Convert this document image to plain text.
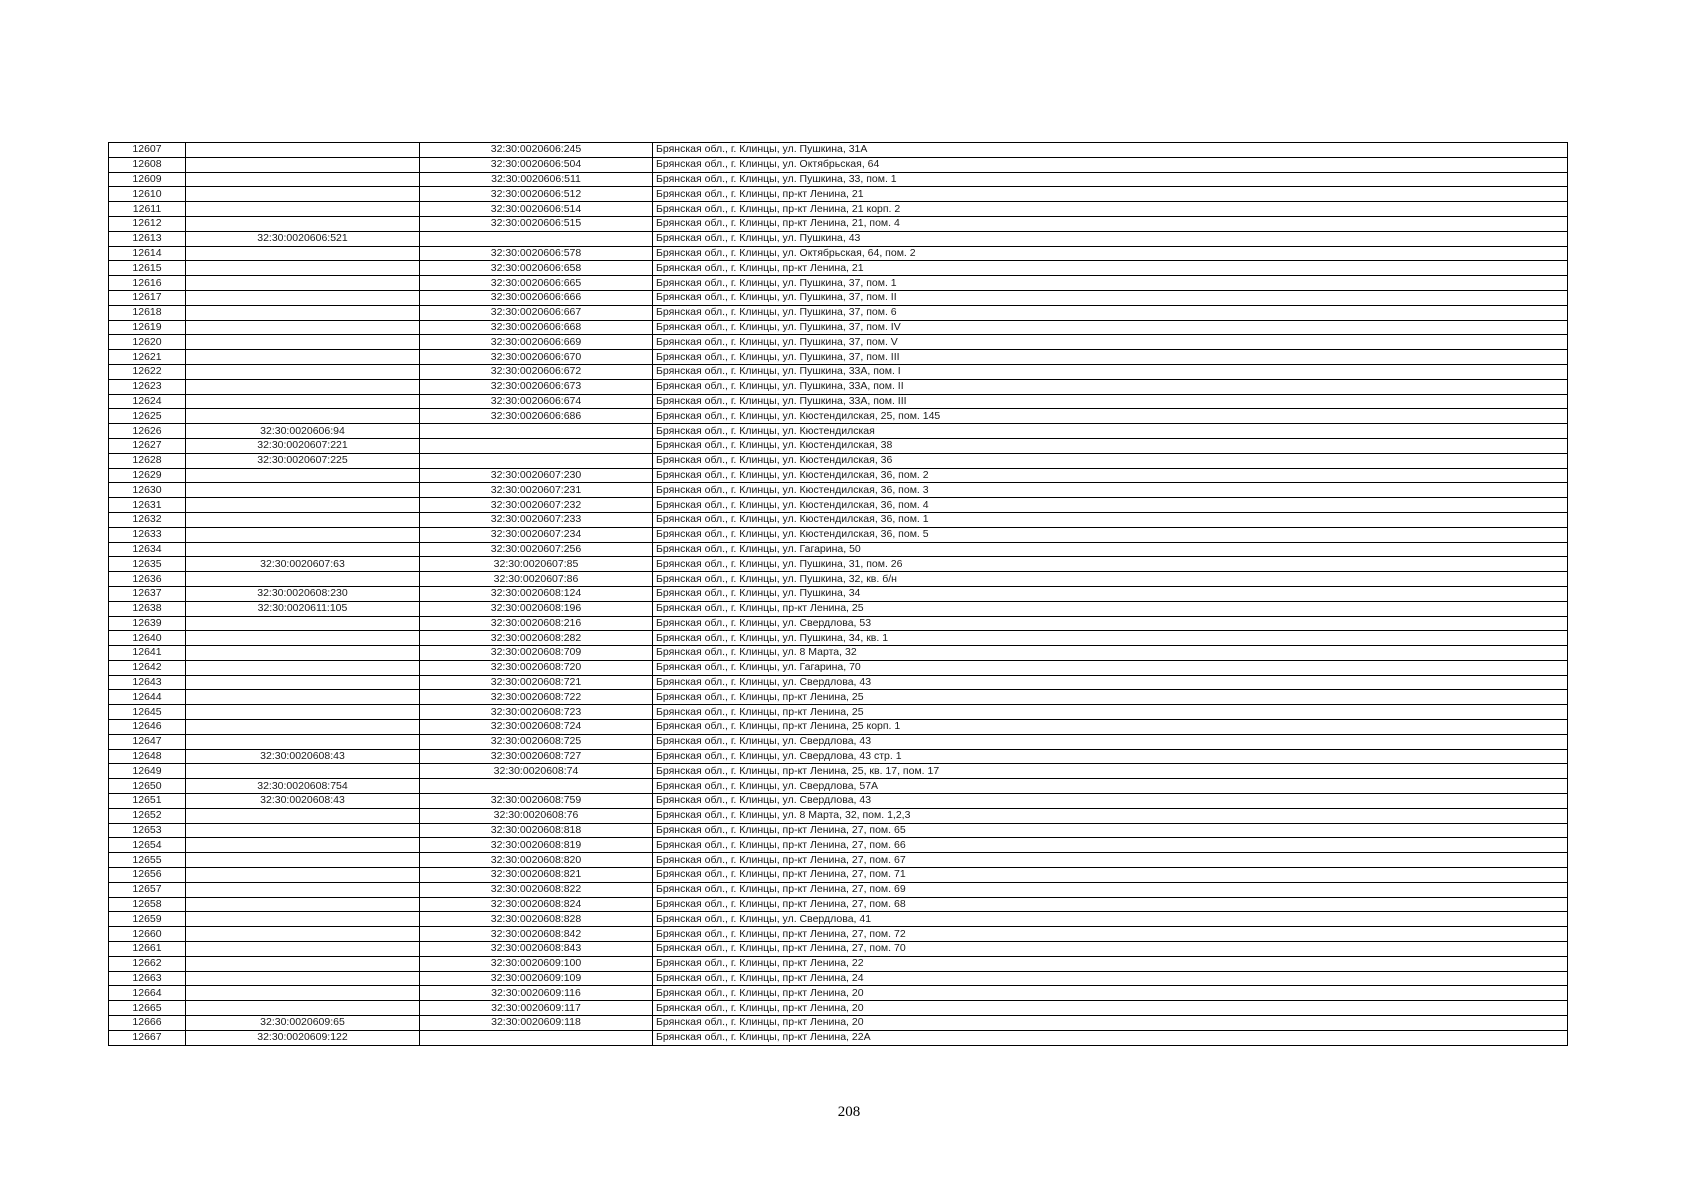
12607		32:30:0020606:245	Брянская обл., г. Клинцы, ул. Пушкина, 31А
12608		32:30:0020606:504	Брянская обл., г. Клинцы, ул. Октябрьская, 64
12609		32:30:0020606:511	Брянская обл., г. Клинцы, ул. Пушкина, 33, пом. 1
12610		32:30:0020606:512	Брянская обл., г. Клинцы, пр-кт Ленина, 21
12611		32:30:0020606:514	Брянская обл., г. Клинцы, пр-кт Ленина, 21 корп. 2
12612		32:30:0020606:515	Брянская обл., г. Клинцы, пр-кт Ленина, 21, пом. 4
12613	32:30:0020606:521		Брянская обл., г. Клинцы, ул. Пушкина, 43
12614		32:30:0020606:578	Брянская обл., г. Клинцы, ул. Октябрьская, 64, пом. 2
12615		32:30:0020606:658	Брянская обл., г. Клинцы, пр-кт Ленина, 21
12616		32:30:0020606:665	Брянская обл., г. Клинцы, ул. Пушкина, 37, пом. 1
12617		32:30:0020606:666	Брянская обл., г. Клинцы, ул. Пушкина, 37, пом. II
12618		32:30:0020606:667	Брянская обл., г. Клинцы, ул. Пушкина, 37, пом. 6
12619		32:30:0020606:668	Брянская обл., г. Клинцы, ул. Пушкина, 37, пом. IV
12620		32:30:0020606:669	Брянская обл., г. Клинцы, ул. Пушкина, 37, пом. V
12621		32:30:0020606:670	Брянская обл., г. Клинцы, ул. Пушкина, 37, пом. III
12622		32:30:0020606:672	Брянская обл., г. Клинцы, ул. Пушкина, 33А, пом. I
12623		32:30:0020606:673	Брянская обл., г. Клинцы, ул. Пушкина, 33А, пом. II
12624		32:30:0020606:674	Брянская обл., г. Клинцы, ул. Пушкина, 33А, пом. III
12625		32:30:0020606:686	Брянская обл., г. Клинцы, ул. Кюстендилская, 25, пом. 145
12626	32:30:0020606:94		Брянская обл., г. Клинцы, ул. Кюстендилская
12627	32:30:0020607:221		Брянская обл., г. Клинцы, ул. Кюстендилская, 38
12628	32:30:0020607:225		Брянская обл., г. Клинцы, ул. Кюстендилская, 36
12629		32:30:0020607:230	Брянская обл., г. Клинцы, ул. Кюстендилская, 36, пом. 2
12630		32:30:0020607:231	Брянская обл., г. Клинцы, ул. Кюстендилская, 36, пом. 3
12631		32:30:0020607:232	Брянская обл., г. Клинцы, ул. Кюстендилская, 36, пом. 4
12632		32:30:0020607:233	Брянская обл., г. Клинцы, ул. Кюстендилская, 36, пом. 1
12633		32:30:0020607:234	Брянская обл., г. Клинцы, ул. Кюстендилская, 36, пом. 5
12634		32:30:0020607:256	Брянская обл., г. Клинцы, ул. Гагарина, 50
12635	32:30:0020607:63	32:30:0020607:85	Брянская обл., г. Клинцы, ул. Пушкина, 31, пом. 26
12636		32:30:0020607:86	Брянская обл., г. Клинцы, ул. Пушкина, 32, кв. б/н
12637	32:30:0020608:230	32:30:0020608:124	Брянская обл., г. Клинцы, ул. Пушкина, 34
12638	32:30:0020611:105	32:30:0020608:196	Брянская обл., г. Клинцы, пр-кт Ленина, 25
12639		32:30:0020608:216	Брянская обл., г. Клинцы, ул. Свердлова, 53
12640		32:30:0020608:282	Брянская обл., г. Клинцы, ул. Пушкина, 34, кв. 1
12641		32:30:0020608:709	Брянская обл., г. Клинцы, ул. 8 Марта, 32
12642		32:30:0020608:720	Брянская обл., г. Клинцы, ул. Гагарина, 70
12643		32:30:0020608:721	Брянская обл., г. Клинцы, ул. Свердлова, 43
12644		32:30:0020608:722	Брянская обл., г. Клинцы, пр-кт Ленина, 25
12645		32:30:0020608:723	Брянская обл., г. Клинцы, пр-кт Ленина, 25
12646		32:30:0020608:724	Брянская обл., г. Клинцы, пр-кт Ленина, 25 корп. 1
12647		32:30:0020608:725	Брянская обл., г. Клинцы, ул. Свердлова, 43
12648	32:30:0020608:43	32:30:0020608:727	Брянская обл., г. Клинцы, ул. Свердлова, 43 стр. 1
12649		32:30:0020608:74	Брянская обл., г. Клинцы, пр-кт Ленина, 25, кв. 17, пом. 17
12650	32:30:0020608:754		Брянская обл., г. Клинцы, ул. Свердлова, 57А
12651	32:30:0020608:43	32:30:0020608:759	Брянская обл., г. Клинцы, ул. Свердлова, 43
12652		32:30:0020608:76	Брянская обл., г. Клинцы, ул. 8 Марта, 32, пом. 1,2,3
12653		32:30:0020608:818	Брянская обл., г. Клинцы, пр-кт Ленина, 27, пом. 65
12654		32:30:0020608:819	Брянская обл., г. Клинцы, пр-кт Ленина, 27, пом. 66
12655		32:30:0020608:820	Брянская обл., г. Клинцы, пр-кт Ленина, 27, пом. 67
12656		32:30:0020608:821	Брянская обл., г. Клинцы, пр-кт Ленина, 27, пом. 71
12657		32:30:0020608:822	Брянская обл., г. Клинцы, пр-кт Ленина, 27, пом. 69
12658		32:30:0020608:824	Брянская обл., г. Клинцы, пр-кт Ленина, 27, пом. 68
12659		32:30:0020608:828	Брянская обл., г. Клинцы, ул. Свердлова, 41
12660		32:30:0020608:842	Брянская обл., г. Клинцы, пр-кт Ленина, 27, пом. 72
12661		32:30:0020608:843	Брянская обл., г. Клинцы, пр-кт Ленина, 27, пом. 70
12662		32:30:0020609:100	Брянская обл., г. Клинцы, пр-кт Ленина, 22
12663		32:30:0020609:109	Брянская обл., г. Клинцы, пр-кт Ленина, 24
12664		32:30:0020609:116	Брянская обл., г. Клинцы, пр-кт Ленина, 20
12665		32:30:0020609:117	Брянская обл., г. Клинцы, пр-кт Ленина, 20
12666	32:30:0020609:65	32:30:0020609:118	Брянская обл., г. Клинцы, пр-кт Ленина, 20
12667	32:30:0020609:122		Брянская обл., г. Клинцы, пр-кт Ленина, 22А
208
